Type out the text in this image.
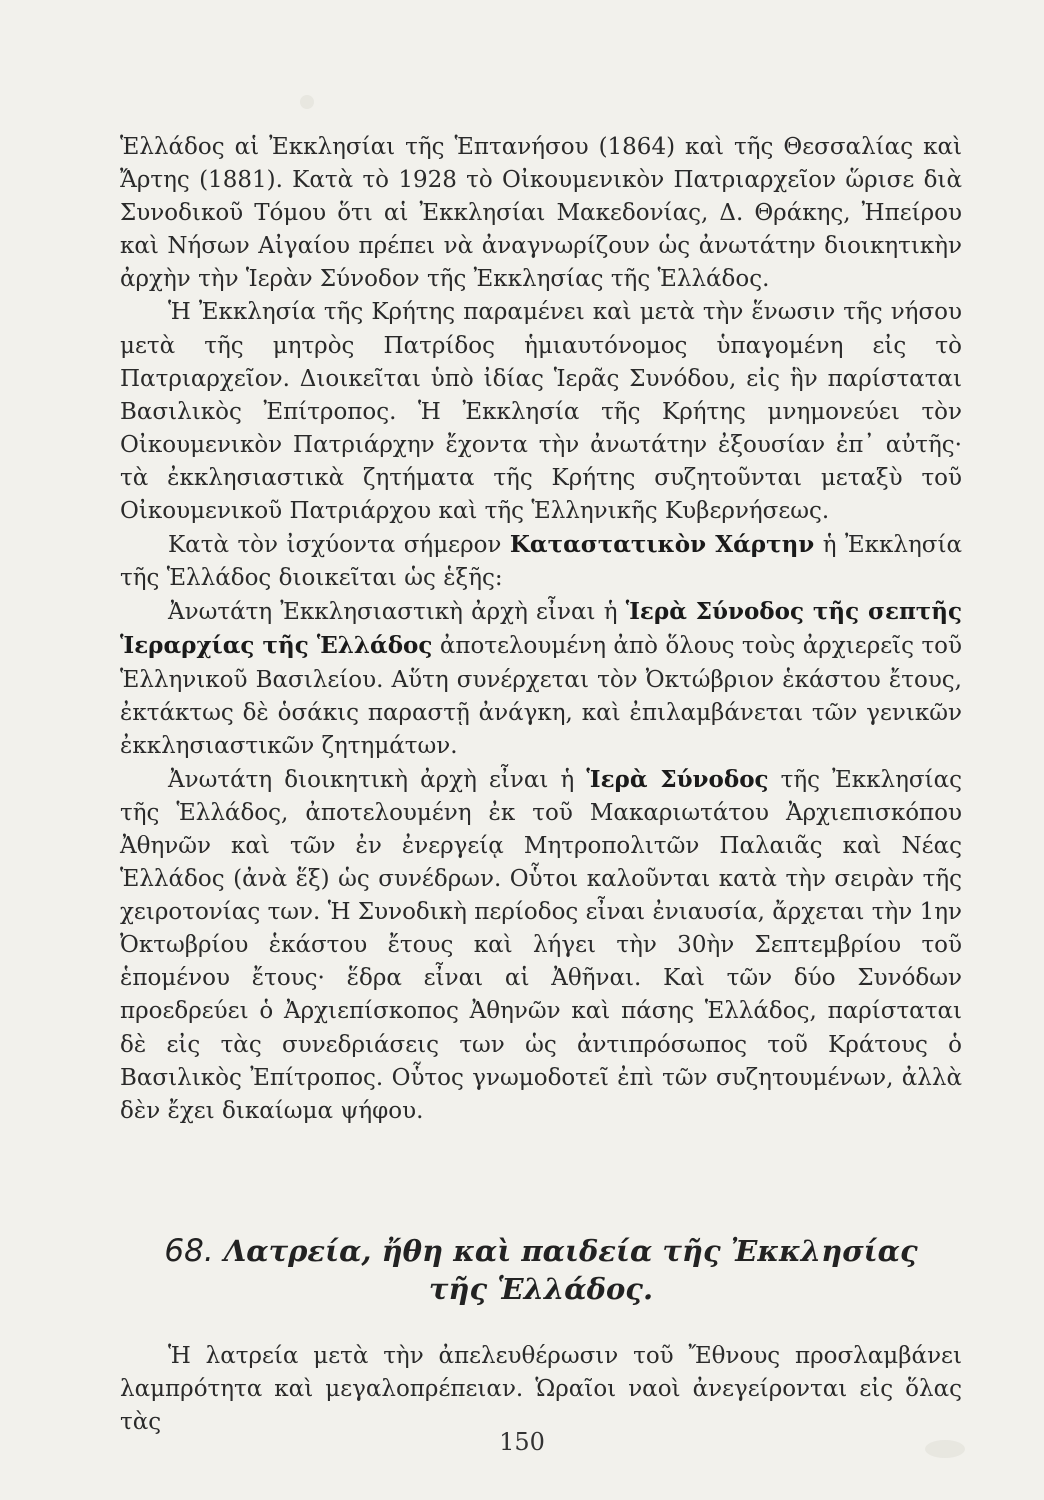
Ἑλλάδος αἱ Ἐκκλησίαι τῆς Ἑπτανήσου (1864) καὶ τῆς Θεσσαλίας καὶ Ἄρτης (1881). Κατὰ τὸ 1928 τὸ Οἰκουμενικὸν Πατριαρχεῖον ὥρισε διὰ Συνοδικοῦ Τόμου ὅτι αἱ Ἐκκλησίαι Μακεδονίας, Δ. Θράκης, Ἠπείρου καὶ Νήσων Αἰγαίου πρέπει νὰ ἀναγνωρίζουν ὡς ἀνωτάτην διοικητικὴν ἀρχὴν τὴν Ἱερὰν Σύνοδον τῆς Ἐκκλησίας τῆς Ἑλλάδος.

Ἡ Ἐκκλησία τῆς Κρήτης παραμένει καὶ μετὰ τὴν ἕνωσιν τῆς νήσου μετὰ τῆς μητρὸς Πατρίδος ἡμιαυτόνομος ὑπαγομένη εἰς τὸ Πατριαρχεῖον. Διοικεῖται ὑπὸ ἰδίας Ἱερᾶς Συνόδου, εἰς ἣν παρίσταται Βασιλικὸς Ἐπίτροπος. Ἡ Ἐκκλησία τῆς Κρήτης μνημονεύει τὸν Οἰκουμενικὸν Πατριάρχην ἔχοντα τὴν ἀνωτάτην ἐξουσίαν ἐπ᾿ αὐτῆς· τὰ ἐκκλησιαστικὰ ζητήματα τῆς Κρήτης συζητοῦνται μεταξὺ τοῦ Οἰκουμενικοῦ Πατριάρχου καὶ τῆς Ἑλληνικῆς Κυβερνήσεως.

Κατὰ τὸν ἰσχύοντα σήμερον Καταστατικὸν Χάρτην ἡ Ἐκκλησία τῆς Ἑλλάδος διοικεῖται ὡς ἑξῆς:

Ἀνωτάτη Ἐκκλησιαστικὴ ἀρχὴ εἶναι ἡ Ἱερὰ Σύνοδος τῆς σεπτῆς Ἱεραρχίας τῆς Ἑλλάδος ἀποτελουμένη ἀπὸ ὅλους τοὺς ἀρχιερεῖς τοῦ Ἑλληνικοῦ Βασιλείου. Αὕτη συνέρχεται τὸν Ὀκτώβριον ἑκάστου ἔτους, ἐκτάκτως δὲ ὁσάκις παραστῇ ἀνάγκη, καὶ ἐπιλαμβάνεται τῶν γενικῶν ἐκκλησιαστικῶν ζητημάτων.

Ἀνωτάτη διοικητικὴ ἀρχὴ εἶναι ἡ Ἱερὰ Σύνοδος τῆς Ἐκκλησίας τῆς Ἑλλάδος, ἀποτελουμένη ἐκ τοῦ Μακαριωτάτου Ἀρχιεπισκόπου Ἀθηνῶν καὶ τῶν ἐν ἐνεργείᾳ Μητροπολιτῶν Παλαιᾶς καὶ Νέας Ἑλλάδος (ἀνὰ ἕξ) ὡς συνέδρων. Οὗτοι καλοῦνται κατὰ τὴν σειρὰν τῆς χειροτονίας των. Ἡ Συνοδικὴ περίοδος εἶναι ἐνιαυσία, ἄρχεται τὴν 1ην Ὀκτωβρίου ἑκάστου ἔτους καὶ λήγει τὴν 30ὴν Σεπτεμβρίου τοῦ ἑπομένου ἔτους· ἕδρα εἶναι αἱ Ἀθῆναι. Καὶ τῶν δύο Συνόδων προεδρεύει ὁ Ἀρχιεπίσκοπος Ἀθηνῶν καὶ πάσης Ἑλλάδος, παρίσταται δὲ εἰς τὰς συνεδριάσεις των ὡς ἀντιπρόσωπος τοῦ Κράτους ὁ Βασιλικὸς Ἐπίτροπος. Οὗτος γνωμοδοτεῖ ἐπὶ τῶν συζητουμένων, ἀλλὰ δὲν ἔχει δικαίωμα ψήφου.

68. Λατρεία, ἤθη καὶ παιδεία τῆς Ἐκκλησίας
τῆς Ἑλλάδος.

Ἡ λατρεία μετὰ τὴν ἀπελευθέρωσιν τοῦ Ἔθνους προσλαμβάνει λαμπρότητα καὶ μεγαλοπρέπειαν. Ὡραῖοι ναοὶ ἀνεγείρονται εἰς ὅλας τὰς

150
